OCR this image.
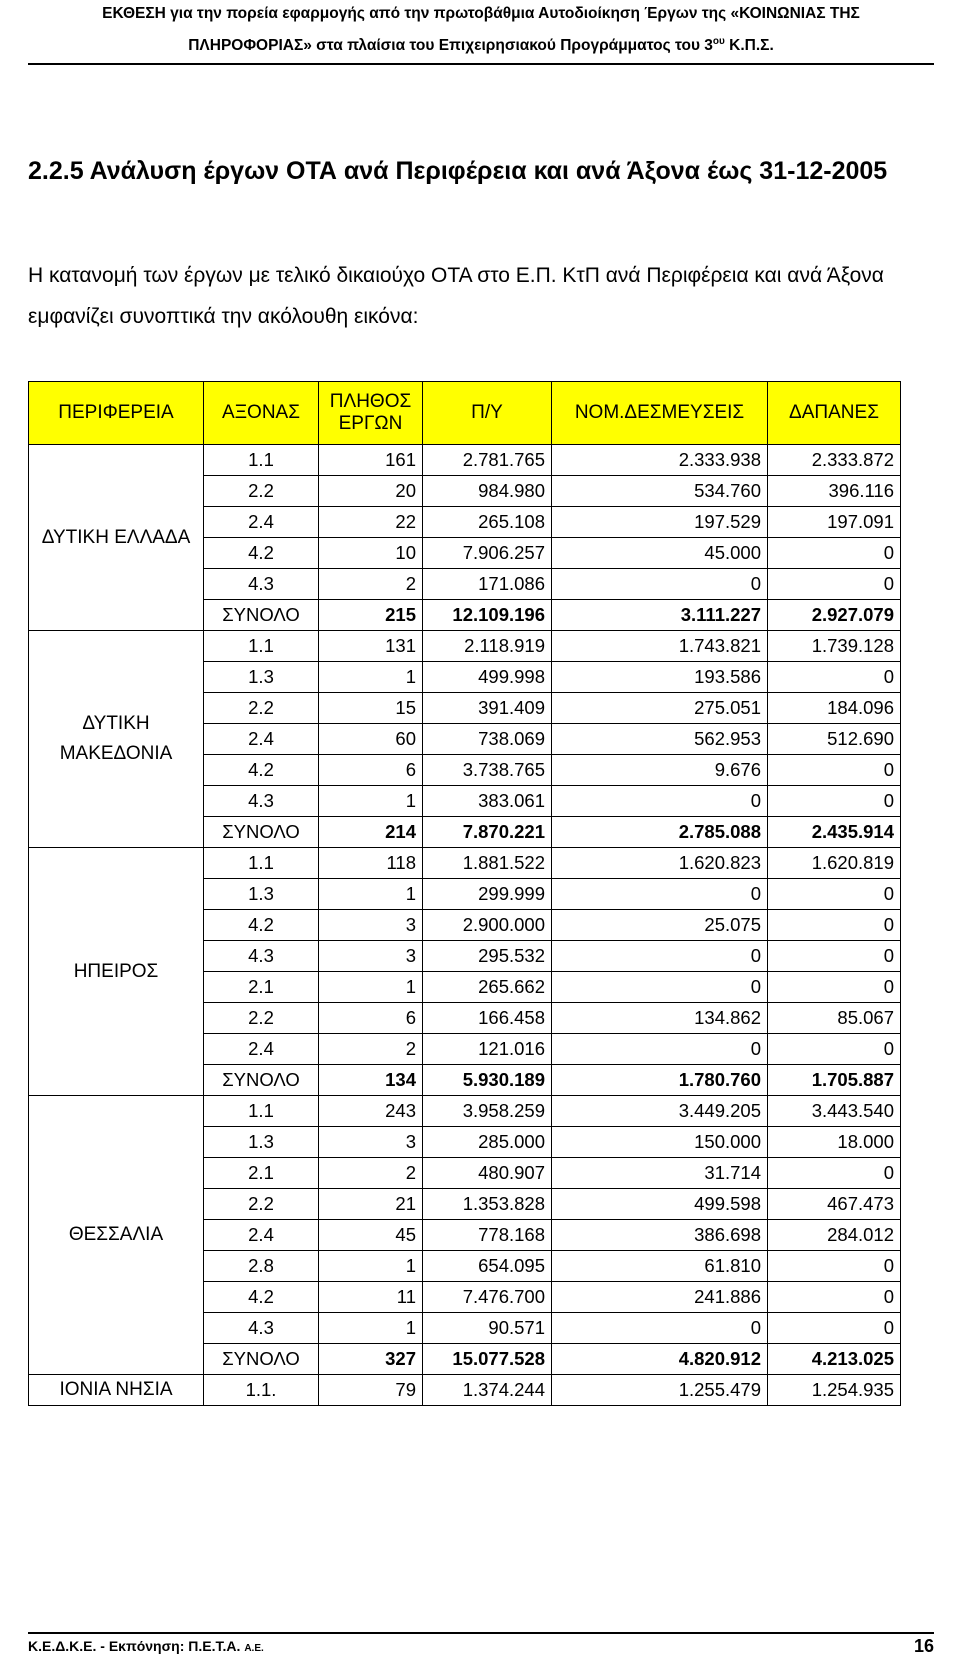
ΕΚΘΕΣΗ για την πορεία εφαρμογής από την πρωτοβάθμια Αυτοδιοίκηση Έργων της «ΚΟΙΝΩΝΙΑΣ ΤΗΣ
ΠΛΗΡΟΦΟΡΙΑΣ» στα πλαίσια του Επιχειρησιακού Προγράμματος του $3^{o\upsilon}$ Κ.Π.Σ.
2.2.5 Ανάλυση έργων ΟΤΑ ανά Περιφέρεια και ανά Άξονα έως 31-12-2005
Η κατανομή των έργων με τελικό δικαιούχο ΟΤΑ στο Ε.Π. ΚτΠ ανά Περιφέρεια και ανά Άξονα εμφανίζει συνοπτικά την ακόλουθη εικόνα:
ΠΕΡΙΦΕΡΕΙΑ	ΑΞΟΝΑΣ	ΠΛΗΘΟΣ
ΕΡΓΩΝ	Π/Υ	ΝΟΜ.ΔΕΣΜΕΥΣΕΙΣ	ΔΑΠΑΝΕΣ

ΔΥΤΙΚΗ ΕΛΛΑΔΑ	1.1	161	2.781.765	2.333.938	2.333.872
	2.2	20	984.980	534.760	396.116
	2.4	22	265.108	197.529	197.091
	4.2	10	7.906.257	45.000	0
	4.3	2	171.086	0	0
	ΣΥΝΟΛΟ	215	12.109.196	3.111.227	2.927.079

ΔΥΤΙΚΗ
ΜΑΚΕΔΟΝΙΑ	1.1	131	2.118.919	1.743.821	1.739.128
	1.3	1	499.998	193.586	0
	2.2	15	391.409	275.051	184.096
	2.4	60	738.069	562.953	512.690
	4.2	6	3.738.765	9.676	0
	4.3	1	383.061	0	0
	ΣΥΝΟΛΟ	214	7.870.221	2.785.088	2.435.914

ΗΠΕΙΡΟΣ	1.1	118	1.881.522	1.620.823	1.620.819
	1.3	1	299.999	0	0
	4.2	3	2.900.000	25.075	0
	4.3	3	295.532	0	0
	2.1	1	265.662	0	0
	2.2	6	166.458	134.862	85.067
	2.4	2	121.016	0	0
	ΣΥΝΟΛΟ	134	5.930.189	1.780.760	1.705.887

ΘΕΣΣΑΛΙΑ	1.1	243	3.958.259	3.449.205	3.443.540
	1.3	3	285.000	150.000	18.000
	2.1	2	480.907	31.714	0
	2.2	21	1.353.828	499.598	467.473
	2.4	45	778.168	386.698	284.012
	2.8	1	654.095	61.810	0
	4.2	11	7.476.700	241.886	0
	4.3	1	90.571	0	0
	ΣΥΝΟΛΟ	327	15.077.528	4.820.912	4.213.025

ΙΟΝΙΑ ΝΗΣΙΑ	1.1.	79	1.374.244	1.255.479	1.254.935
Κ.Ε.Δ.Κ.Ε. - Εκπόνηση: Π.Ε.Τ.Α. Α.Ε.	16
